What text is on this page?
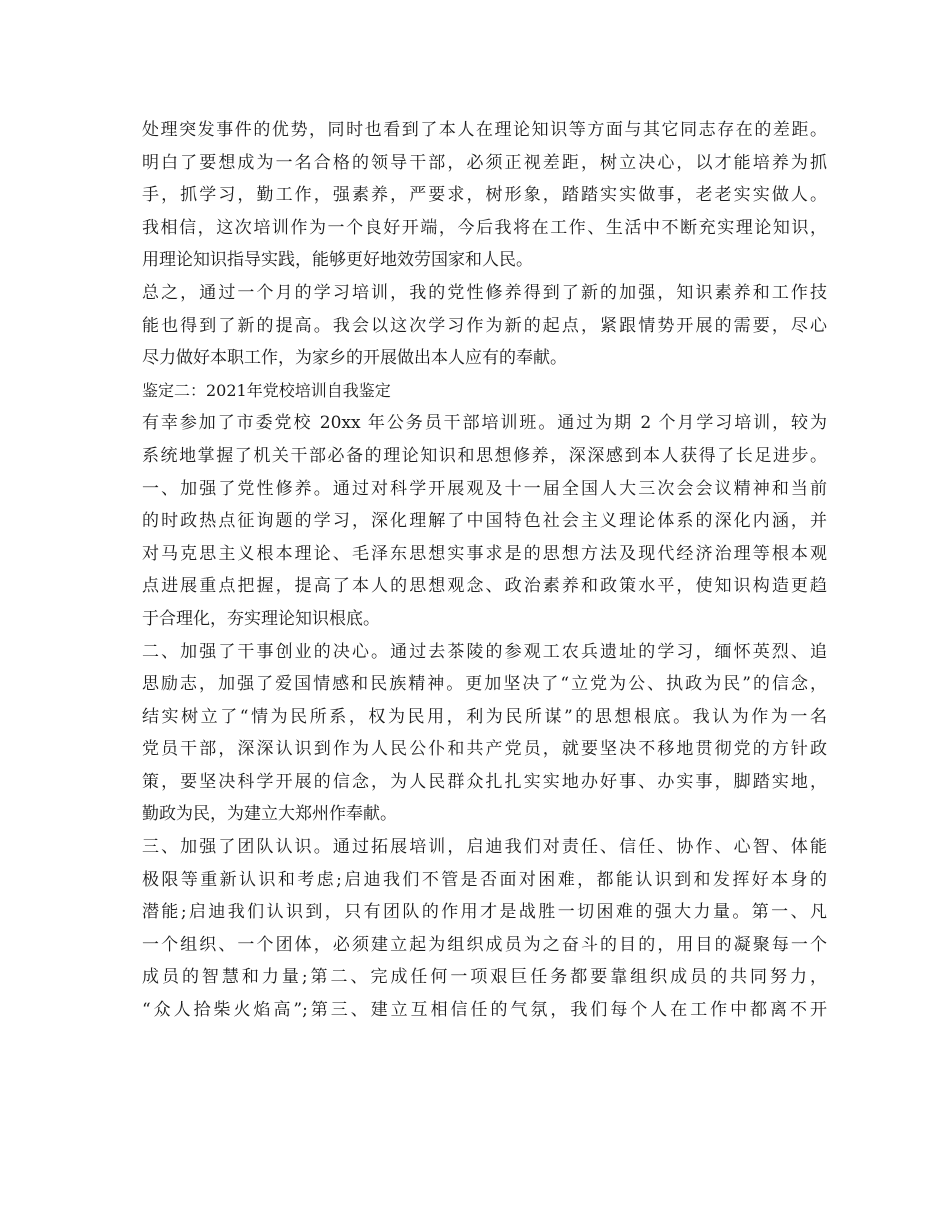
处理突发事件的优势，同时也看到了本人在理论知识等方面与其它同志存在的差距。
明白了要想成为一名合格的领导干部，必须正视差距，树立决心，以才能培养为抓
手，抓学习，勤工作，强素养，严要求，树形象，踏踏实实做事，老老实实做人。
我相信，这次培训作为一个良好开端，今后我将在工作、生活中不断充实理论知识，
用理论知识指导实践，能够更好地效劳国家和人民。
总之，通过一个月的学习培训，我的党性修养得到了新的加强，知识素养和工作技
能也得到了新的提高。我会以这次学习作为新的起点，紧跟情势开展的需要，尽心
尽力做好本职工作，为家乡的开展做出本人应有的奉献。
鉴定二：2021年党校培训自我鉴定
有幸参加了市委党校 20xx 年公务员干部培训班。通过为期 2 个月学习培训，较为
系统地掌握了机关干部必备的理论知识和思想修养，深深感到本人获得了长足进步。
一、加强了党性修养。通过对科学开展观及十一届全国人大三次会会议精神和当前
的时政热点征询题的学习，深化理解了中国特色社会主义理论体系的深化内涵，并
对马克思主义根本理论、毛泽东思想实事求是的思想方法及现代经济治理等根本观
点进展重点把握，提高了本人的思想观念、政治素养和政策水平，使知识构造更趋
于合理化，夯实理论知识根底。
二、加强了干事创业的决心。通过去茶陵的参观工农兵遗址的学习，缅怀英烈、追
思励志，加强了爱国情感和民族精神。更加坚决了“立党为公、执政为民”的信念，
结实树立了“情为民所系，权为民用，利为民所谋”的思想根底。我认为作为一名
党员干部，深深认识到作为人民公仆和共产党员，就要坚决不移地贯彻党的方针政
策，要坚决科学开展的信念，为人民群众扎扎实实地办好事、办实事，脚踏实地，
勤政为民，为建立大郑州作奉献。
三、加强了团队认识。通过拓展培训，启迪我们对责任、信任、协作、心智、体能
极限等重新认识和考虑;启迪我们不管是否面对困难，都能认识到和发挥好本身的
潜能;启迪我们认识到，只有团队的作用才是战胜一切困难的强大力量。第一、凡
一个组织、一个团体，必须建立起为组织成员为之奋斗的目的，用目的凝聚每一个
成员的智慧和力量;第二、完成任何一项艰巨任务都要靠组织成员的共同努力，
“众人拾柴火焰高”;第三、建立互相信任的气氛，我们每个人在工作中都离不开
